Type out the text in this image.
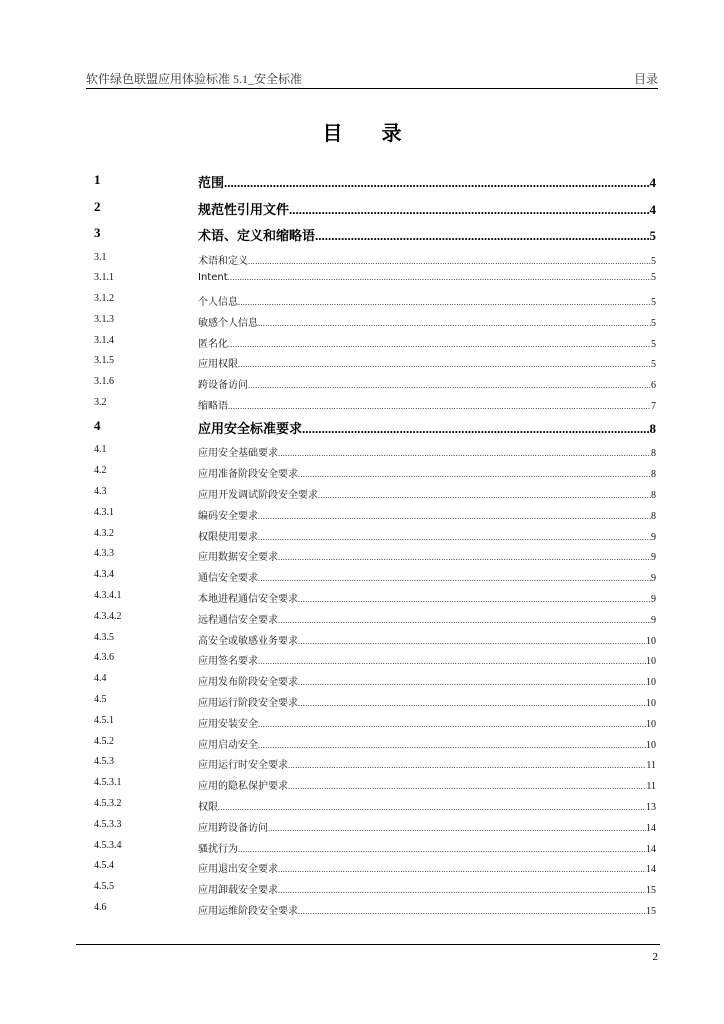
软件绿色联盟应用体验标准 5.1_安全标准	目录
目 录
1	范围 .....	4
2	规范性引用文件 .....	4
3	术语、定义和缩略语 .....	5
3.1	术语和定义 .....	5
3.1.1	Intent .....	5
3.1.2	个人信息 .....	5
3.1.3	敏感个人信息 .....	5
3.1.4	匿名化 .....	5
3.1.5	应用权限 .....	5
3.1.6	跨设备访问 .....	6
3.2	缩略语 .....	7
4	应用安全标准要求 .....	8
4.1	应用安全基础要求 .....	8
4.2	应用准备阶段安全要求 .....	8
4.3	应用开发调试阶段安全要求 .....	8
4.3.1	编码安全要求 .....	8
4.3.2	权限使用要求 .....	9
4.3.3	应用数据安全要求 .....	9
4.3.4	通信安全要求 .....	9
4.3.4.1	本地进程通信安全要求 .....	9
4.3.4.2	远程通信安全要求 .....	9
4.3.5	高安全或敏感业务要求 .....	10
4.3.6	应用签名要求 .....	10
4.4	应用发布阶段安全要求 .....	10
4.5	应用运行阶段安全要求 .....	10
4.5.1	应用安装安全 .....	10
4.5.2	应用启动安全 .....	10
4.5.3	应用运行时安全要求 .....	11
4.5.3.1	应用的隐私保护要求 .....	11
4.5.3.2	权限 .....	13
4.5.3.3	应用跨设备访问 .....	14
4.5.3.4	骚扰行为 .....	14
4.5.4	应用退出安全要求 .....	14
4.5.5	应用卸载安全要求 .....	15
4.6	应用运维阶段安全要求 .....	15
2
